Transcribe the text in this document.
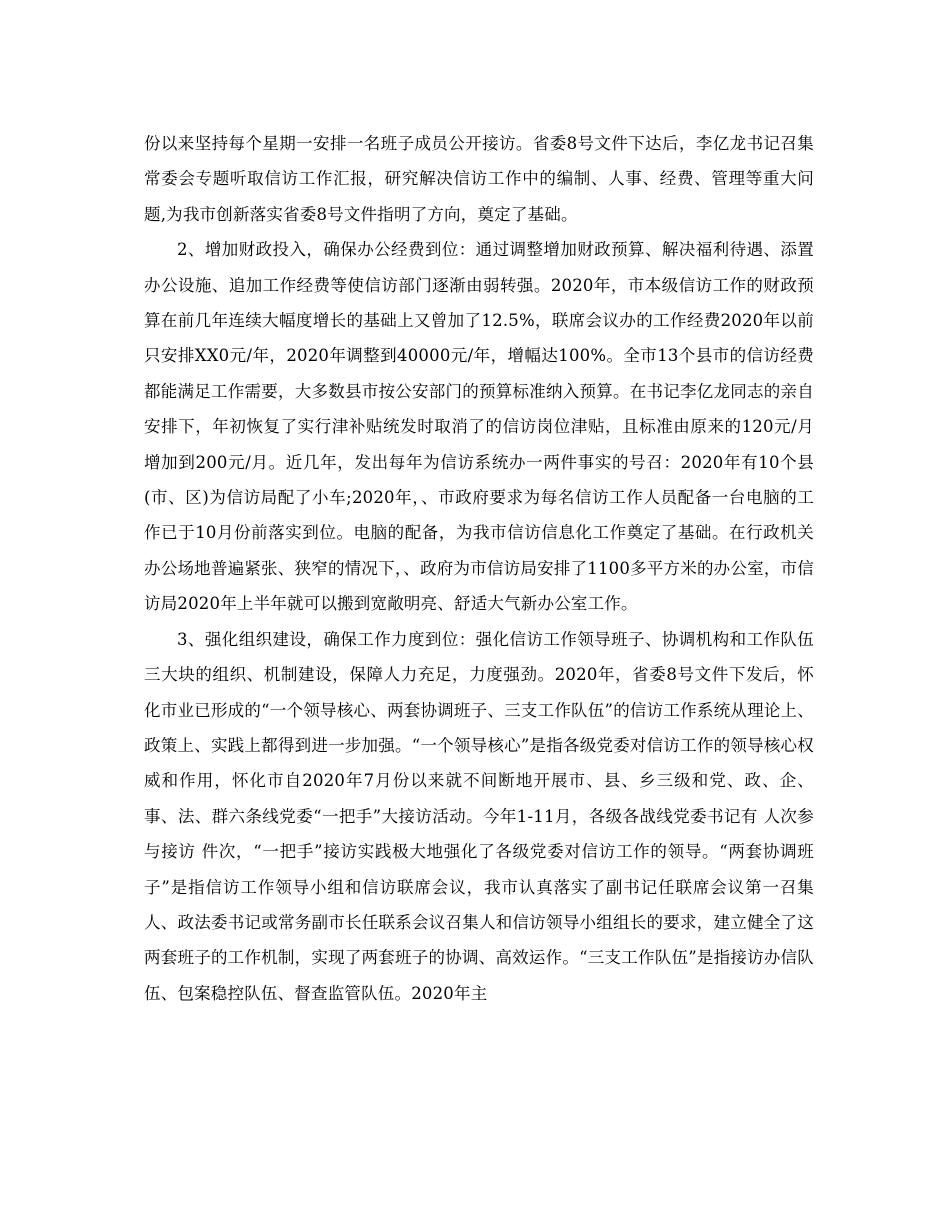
份以来坚持每个星期一安排一名班子成员公开接访。省委8号文件下达后，李亿龙书记召集常委会专题听取信访工作汇报，研究解决信访工作中的编制、人事、经费、管理等重大问题,为我市创新落实省委8号文件指明了方向，奠定了基础。

2、增加财政投入，确保办公经费到位：通过调整增加财政预算、解决福利待遇、添置办公设施、追加工作经费等使信访部门逐渐由弱转强。2020年，市本级信访工作的财政预算在前几年连续大幅度增长的基础上又曾加了12.5%，联席会议办的工作经费2020年以前只安排XX0元/年，2020年调整到40000元/年，增幅达100%。全市13个县市的信访经费都能满足工作需要，大多数县市按公安部门的预算标准纳入预算。在书记李亿龙同志的亲自安排下，年初恢复了实行津补贴统发时取消了的信访岗位津贴，且标准由原来的120元/月增加到200元/月。近几年，发出每年为信访系统办一两件事实的号召：2020年有10个县(市、区)为信访局配了小车;2020年，、市政府要求为每名信访工作人员配备一台电脑的工作已于10月份前落实到位。电脑的配备，为我市信访信息化工作奠定了基础。在行政机关办公场地普遍紧张、狭窄的情况下，、政府为市信访局安排了1100多平方米的办公室，市信访局2020年上半年就可以搬到宽敞明亮、舒适大气新办公室工作。

3、强化组织建设，确保工作力度到位：强化信访工作领导班子、协调机构和工作队伍三大块的组织、机制建设，保障人力充足，力度强劲。2020年，省委8号文件下发后，怀化市业已形成的“一个领导核心、两套协调班子、三支工作队伍”的信访工作系统从理论上、政策上、实践上都得到进一步加强。“一个领导核心”是指各级党委对信访工作的领导核心权威和作用，怀化市自2020年7月份以来就不间断地开展市、县、乡三级和党、政、企、事、法、群六条线党委“一把手”大接访活动。今年1-11月，各级各战线党委书记有 人次参与接访 件次，“一把手”接访实践极大地强化了各级党委对信访工作的领导。“两套协调班子”是指信访工作领导小组和信访联席会议，我市认真落实了副书记任联席会议第一召集人、政法委书记或常务副市长任联系会议召集人和信访领导小组组长的要求，建立健全了这两套班子的工作机制，实现了两套班子的协调、高效运作。“三支工作队伍”是指接访办信队伍、包案稳控队伍、督查监管队伍。2020年主
